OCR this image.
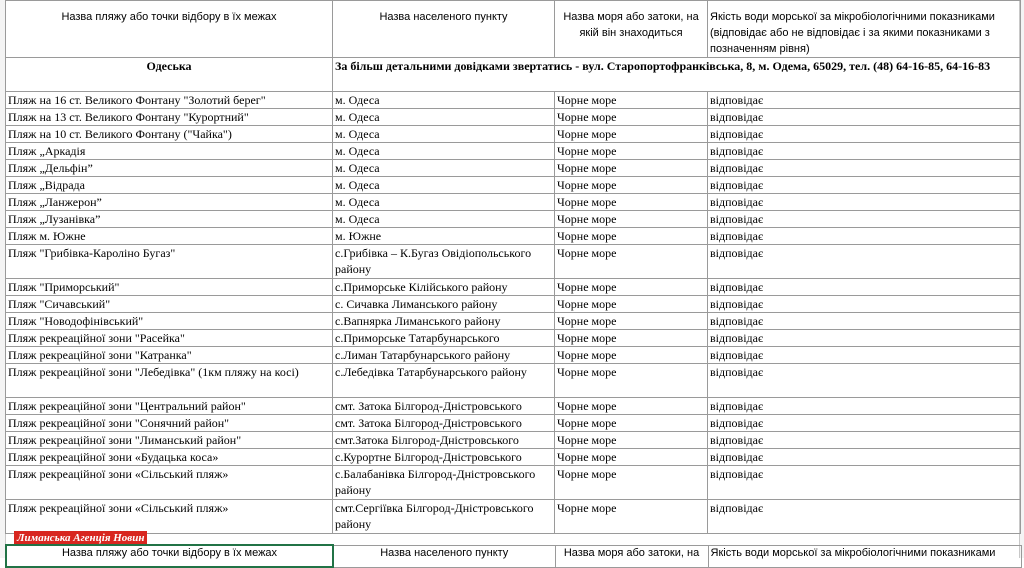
Назва пляжу або точки відбору в їх межах	Назва населеного пункту	Назва моря або затоки, на якій він знаходиться	Якість води морської за мікробіологічними показниками (відповідає або не відповідає і за якими показниками з позначенням рівня)
Одеська	За більш детальними довідками звертатись - вул. Старопортофранківська, 8, м. Одема, 65029, тел. (48) 64-16-85, 64-16-83		
Пляж на 16 ст. Великого Фонтану "Золотий берег"	м. Одеса	Чорне море	відповідає
Пляж на 13 ст. Великого Фонтану "Курортний"	м. Одеса	Чорне море	відповідає
Пляж на 10 ст. Великого Фонтану ("Чайка")	м. Одеса	Чорне море	відповідає
Пляж „Аркадія	м. Одеса	Чорне море	відповідає
Пляж „Дельфін”	м. Одеса	Чорне море	відповідає
Пляж „Відрада	м. Одеса	Чорне море	відповідає
Пляж „Ланжерон”	м. Одеса	Чорне море	відповідає
Пляж „Лузанівка”	м. Одеса	Чорне море	відповідає
Пляж м. Южне	м. Южне	Чорне море	відповідає
Пляж "Грибівка-Кароліно Бугаз"	с.Грибівка – К.Бугаз Овідіопольського району	Чорне море	відповідає
Пляж "Приморський"	с.Приморське Кілійського району	Чорне море	відповідає
Пляж "Сичавський"	с. Сичавка Лиманського району	Чорне море	відповідає
Пляж "Новодофінівський"	с.Вапнярка Лиманського району	Чорне море	відповідає
Пляж рекреаційної зони "Расейка"	с.Приморське Татарбунарського	Чорне море	відповідає
Пляж рекреаційної зони "Катранка"	с.Лиман Татарбунарського району	Чорне море	відповідає
Пляж рекреаційної зони "Лебедівка" (1км пляжу на косі)	с.Лебедівка Татарбунарського району	Чорне море	відповідає
Пляж рекреаційної зони "Центральний район"	смт. Затока Білгород-Дністровського	Чорне море	відповідає
Пляж рекреаційної зони "Сонячний район"	смт. Затока Білгород-Дністровського	Чорне море	відповідає
Пляж рекреаційної зони "Лиманський район"	смт.Затока Білгород-Дністровського	Чорне море	відповідає
Пляж рекреаційної зони «Будацька коса»	с.Курортне Білгород-Дністровського	Чорне море	відповідає
Пляж рекреаційної зони «Сільський пляж»	с.Балабанівка Білгород-Дністровського району	Чорне море	відповідає
Пляж рекреаційної зони «Сільський пляж»	смт.Сергіївка Білгород-Дністровського району	Чорне море	відповідає
Лиманська Агенція Новин
Назва пляжу або точки відбору в їх межах	Назва населеного пункту	Назва моря або затоки, на	Якість води морської за мікробіологічними показниками
